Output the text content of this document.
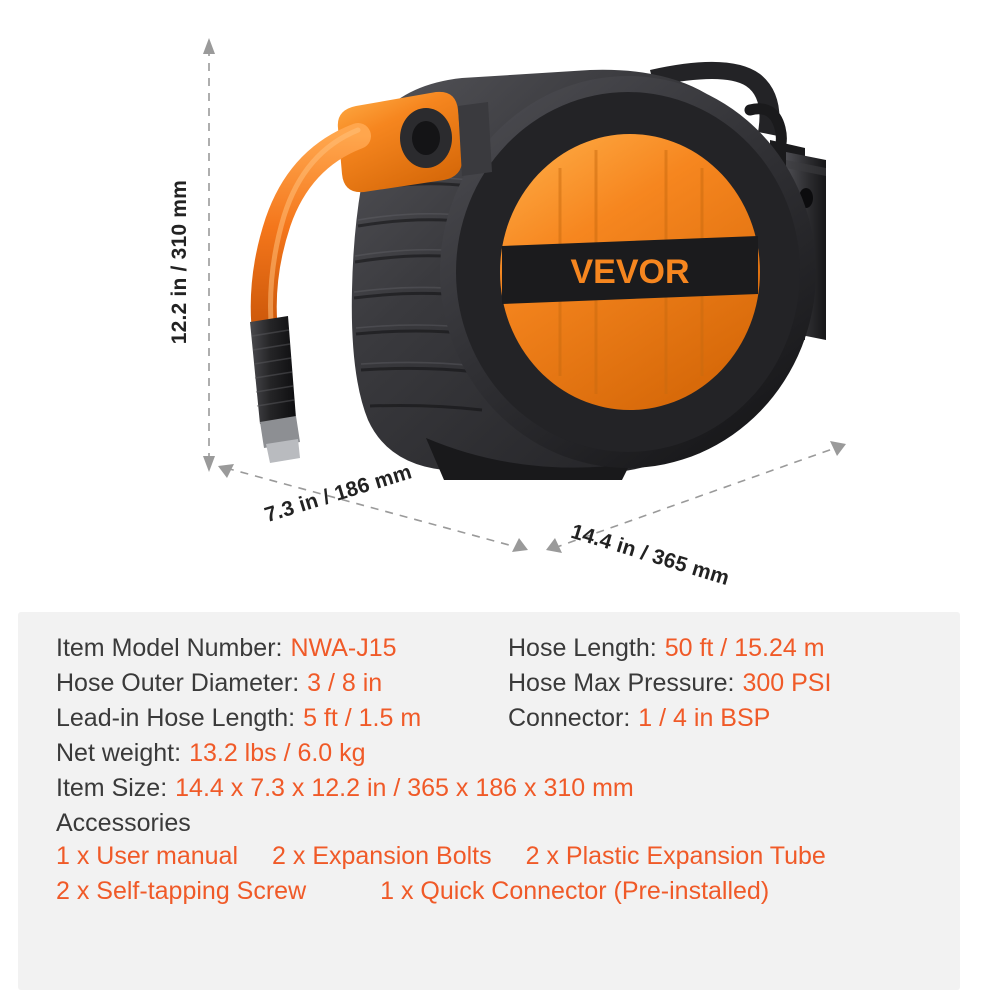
VEVOR
12.2 in / 310 mm
7.3 in / 186 mm
14.4 in / 365 mm
Item Model Number: NWA-J15	Hose Length: 50 ft / 15.24 m
Hose Outer Diameter: 3 / 8 in	Hose Max Pressure: 300 PSI
Lead-in Hose Length: 5 ft / 1.5 m	Connector: 1 / 4 in BSP
Net weight: 13.2 lbs / 6.0 kg
Item Size: 14.4 x 7.3 x 12.2 in / 365 x 186 x 310 mm
Accessories
1 x User manual 2 x Expansion Bolts 2 x Plastic Expansion Tube
2 x Self-tapping Screw	1 x Quick Connector (Pre-installed)
